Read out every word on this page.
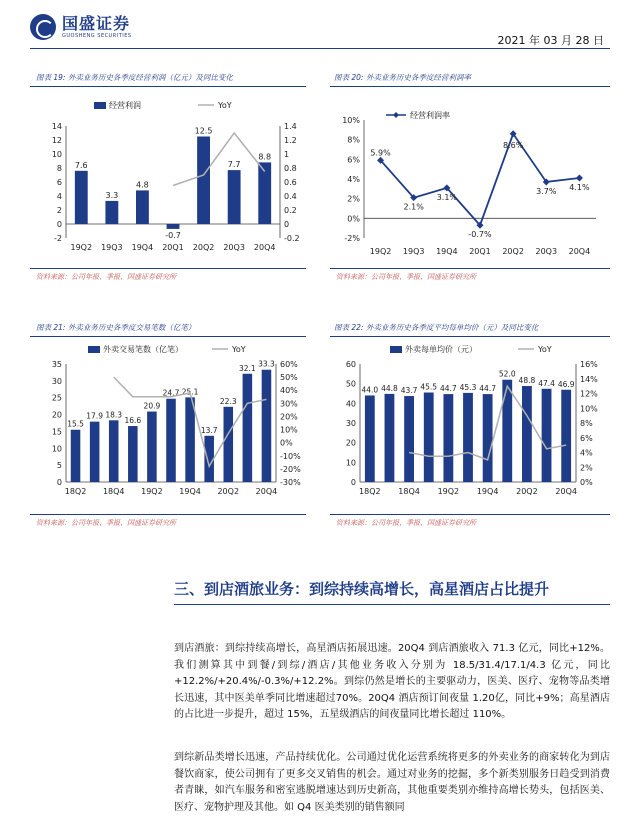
国盛证券
GUOSHENG SECURITIES	2021 年 03 月 28 日
图表 19: 外卖业务历史各季度经营利润（亿元）及同比变化	图表 20: 外卖业务历史各季度经营利润率
-2
0
2
4
6
8
10
12
14
-0.2
0
0.2
0.4
0.6
0.8
1
1.2
1.4
7.6
19Q2
3.3
19Q3
4.8
19Q4
-0.7
20Q1
12.5
20Q2
7.7
20Q3
8.8
20Q4
经营利润	YoY
-2%
0%
2%
4%
6%
8%
10%
5.9%
19Q2
2.1%
19Q3
3.1%
19Q4
-0.7%
20Q1
8.6%
20Q2
3.7%
20Q3
4.1%
20Q4
经营利润率
资料来源：公司年报、季报、国盛证券研究所	资料来源：公司年报、季报、国盛证券研究所
图表 21: 外卖业务历史各季度交易笔数（亿笔）	图表 22: 外卖业务历史各季度平均每单均价（元）及同比变化
0
5
10
15
20
25
30
35
-30%
-20%
-10%
0%
10%
20%
30%
40%
50%
60%
15.5
18Q2
17.9 18.3
18Q4
16.6
20.9
19Q2
24.7 25.1
19Q4
13.7
22.3
20Q2
32.1 33.3
20Q4
外卖交易笔数（亿笔）	YoY
0
10
20
30
40
50
60
0%
2%
4%
6%
8%
10%
12%
14%
16%
44.0
18Q2
44.8 43.7
18Q4
45.5 44.7
19Q2
45.3 44.7
19Q4
52.0
48.8
20Q2
47.4 46.9
20Q4
外卖每单均价（元）	YoY
资料来源：公司年报、季报、国盛证券研究所	资料来源：公司年报、季报、国盛证券研究所
三、到店酒旅业务：到综持续高增长，高星酒店占比提升
到店酒旅：到综持续高增长，高星酒店拓展迅速。20Q4 到店酒旅收入 71.3 亿元，同比+12%。我们测算其中到餐/到综/酒店/其他业务收入分别为 18.5/31.4/17.1/4.3 亿元，同比+12.2%/+20.4%/-0.3%/+12.2%。到综仍然是增长的主要驱动力，医美、医疗、宠物等品类增长迅速，其中医美单季同比增速超过70%。20Q4 酒店预订间夜量 1.20亿，同比+9%；高星酒店的占比进一步提升，超过 15%，五星级酒店的间夜量同比增长超过 110%。
到综新品类增长迅速，产品持续优化。公司通过优化运营系统将更多的外卖业务的商家转化为到店餐饮商家，使公司拥有了更多交叉销售的机会。通过对业务的挖掘，多个新类别服务日趋受到消费者青睐，如汽车服务和密室逃脱增速达到历史新高，其他重要类别亦维持高增长势头，包括医美、医疗、宠物护理及其他。如 Q4 医美类别的销售额同
